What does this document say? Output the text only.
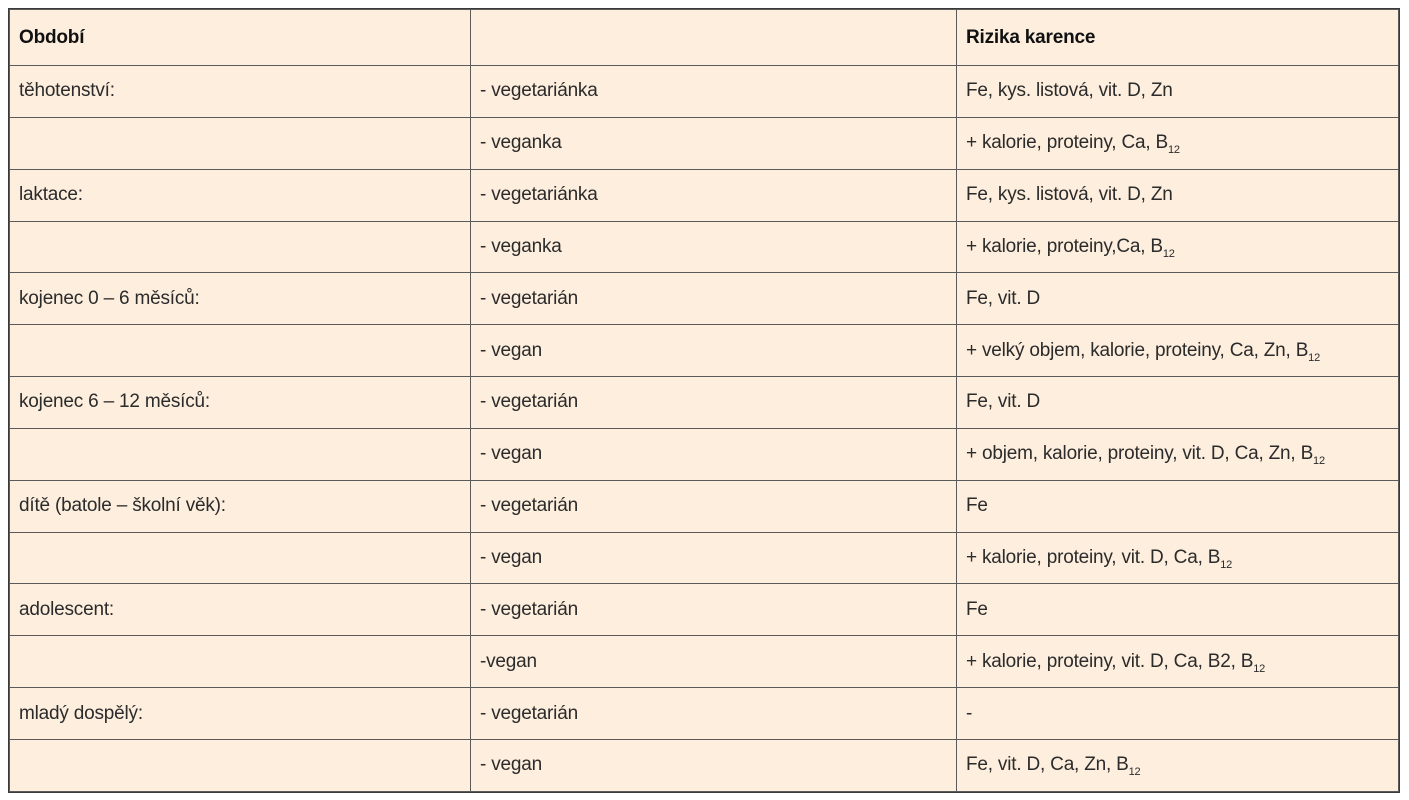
Období		Rizika karence
těhotenství:	- vegetariánka	Fe, kys. listová, vit. D, Zn
	- veganka	+ kalorie, proteiny, Ca, $B_{12}$
laktace:	- vegetariánka	Fe, kys. listová, vit. D, Zn
	- veganka	+ kalorie, proteiny,Ca, $B_{12}$
kojenec 0 – 6 měsíců:	- vegetarián	Fe, vit. D
	- vegan	+ velký objem, kalorie, proteiny, Ca, Zn, $B_{12}$
kojenec 6 – 12 měsíců:	- vegetarián	Fe, vit. D
	- vegan	+ objem, kalorie, proteiny, vit. D, Ca, Zn, $B_{12}$
dítě (batole – školní věk):	- vegetarián	Fe
	- vegan	+ kalorie, proteiny, vit. D, Ca, $B_{12}$
adolescent:	- vegetarián	Fe
	-vegan	+ kalorie, proteiny, vit. D, Ca, B2, $B_{12}$
mladý dospělý:	- vegetarián	-
	- vegan	Fe, vit. D, Ca, Zn, $B_{12}$
